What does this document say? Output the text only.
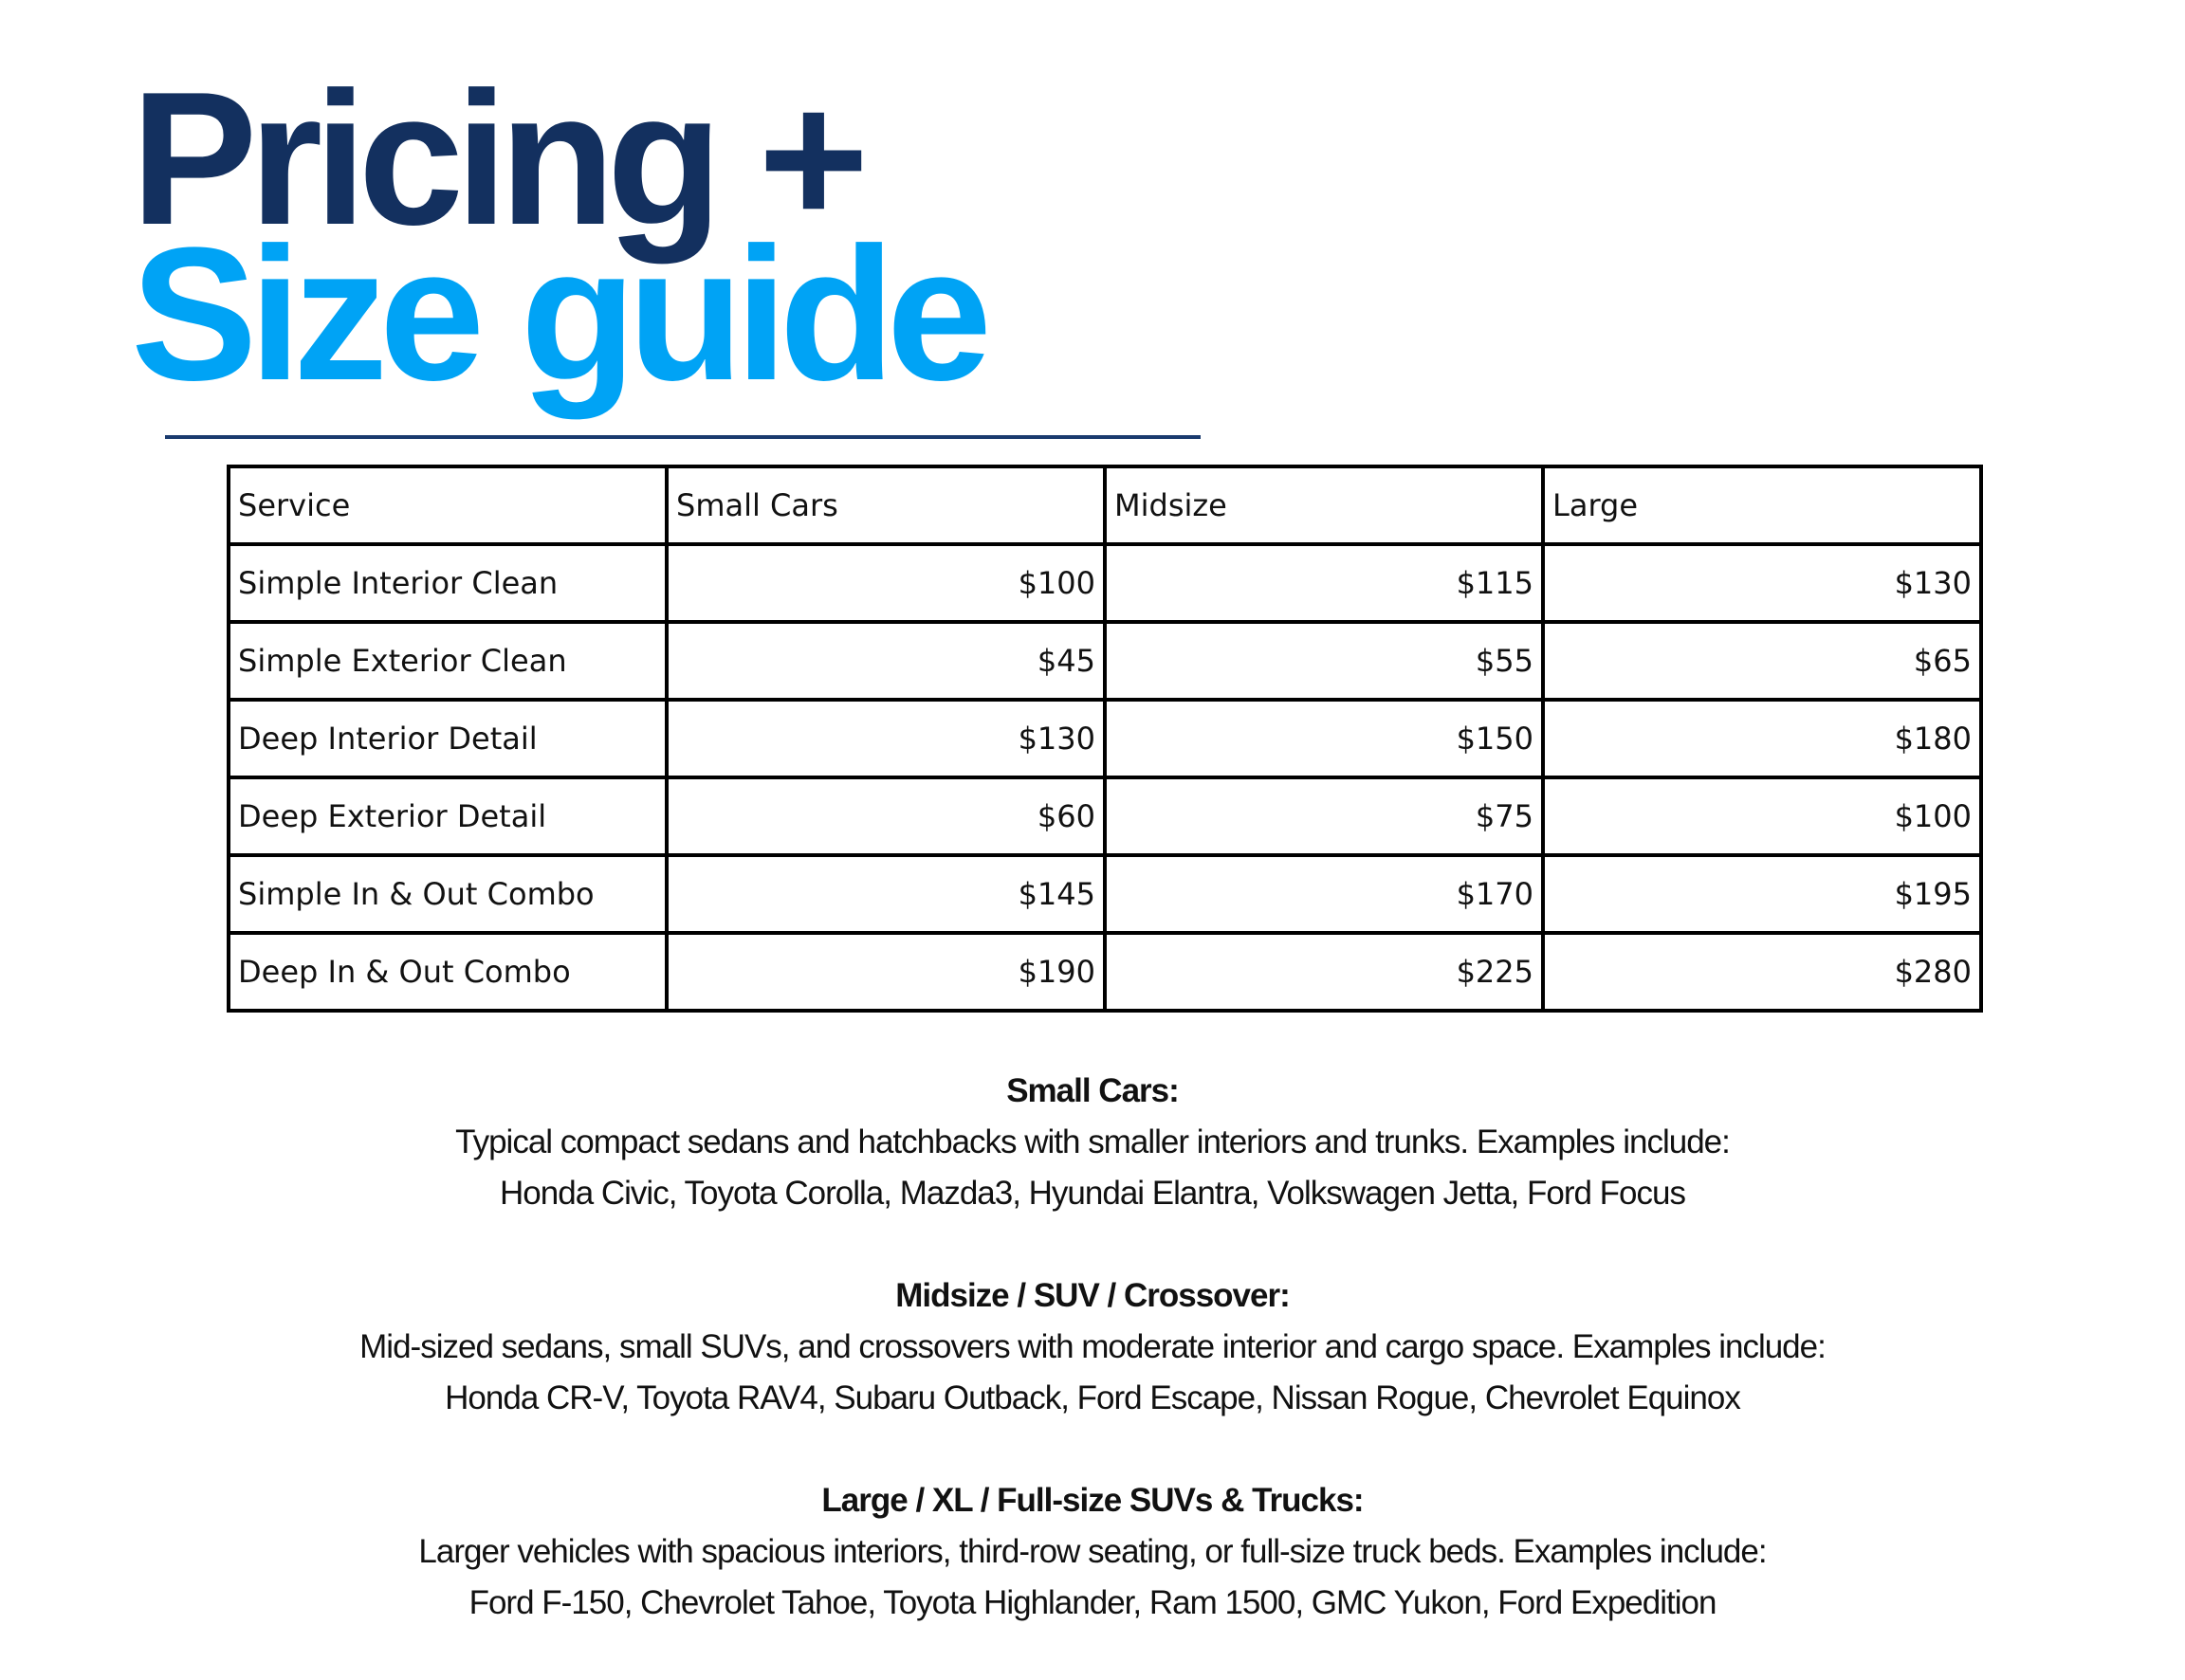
Pricing +
Size guide
Service	Small Cars	Midsize	Large
Simple Interior Clean	$100	$115	$130
Simple Exterior Clean	$45	$55	$65
Deep Interior Detail	$130	$150	$180
Deep Exterior Detail	$60	$75	$100
Simple In & Out Combo	$145	$170	$195
Deep In & Out Combo	$190	$225	$280

Small Cars:

Typical compact sedans and hatchbacks with smaller interiors and trunks. Examples include:

Honda Civic, Toyota Corolla, Mazda3, Hyundai Elantra, Volkswagen Jetta, Ford Focus

Midsize / SUV / Crossover:

Mid-sized sedans, small SUVs, and crossovers with moderate interior and cargo space. Examples include:

Honda CR-V, Toyota RAV4, Subaru Outback, Ford Escape, Nissan Rogue, Chevrolet Equinox

Large / XL / Full-size SUVs & Trucks:

Larger vehicles with spacious interiors, third-row seating, or full-size truck beds. Examples include:

Ford F-150, Chevrolet Tahoe, Toyota Highlander, Ram 1500, GMC Yukon, Ford Expedition
